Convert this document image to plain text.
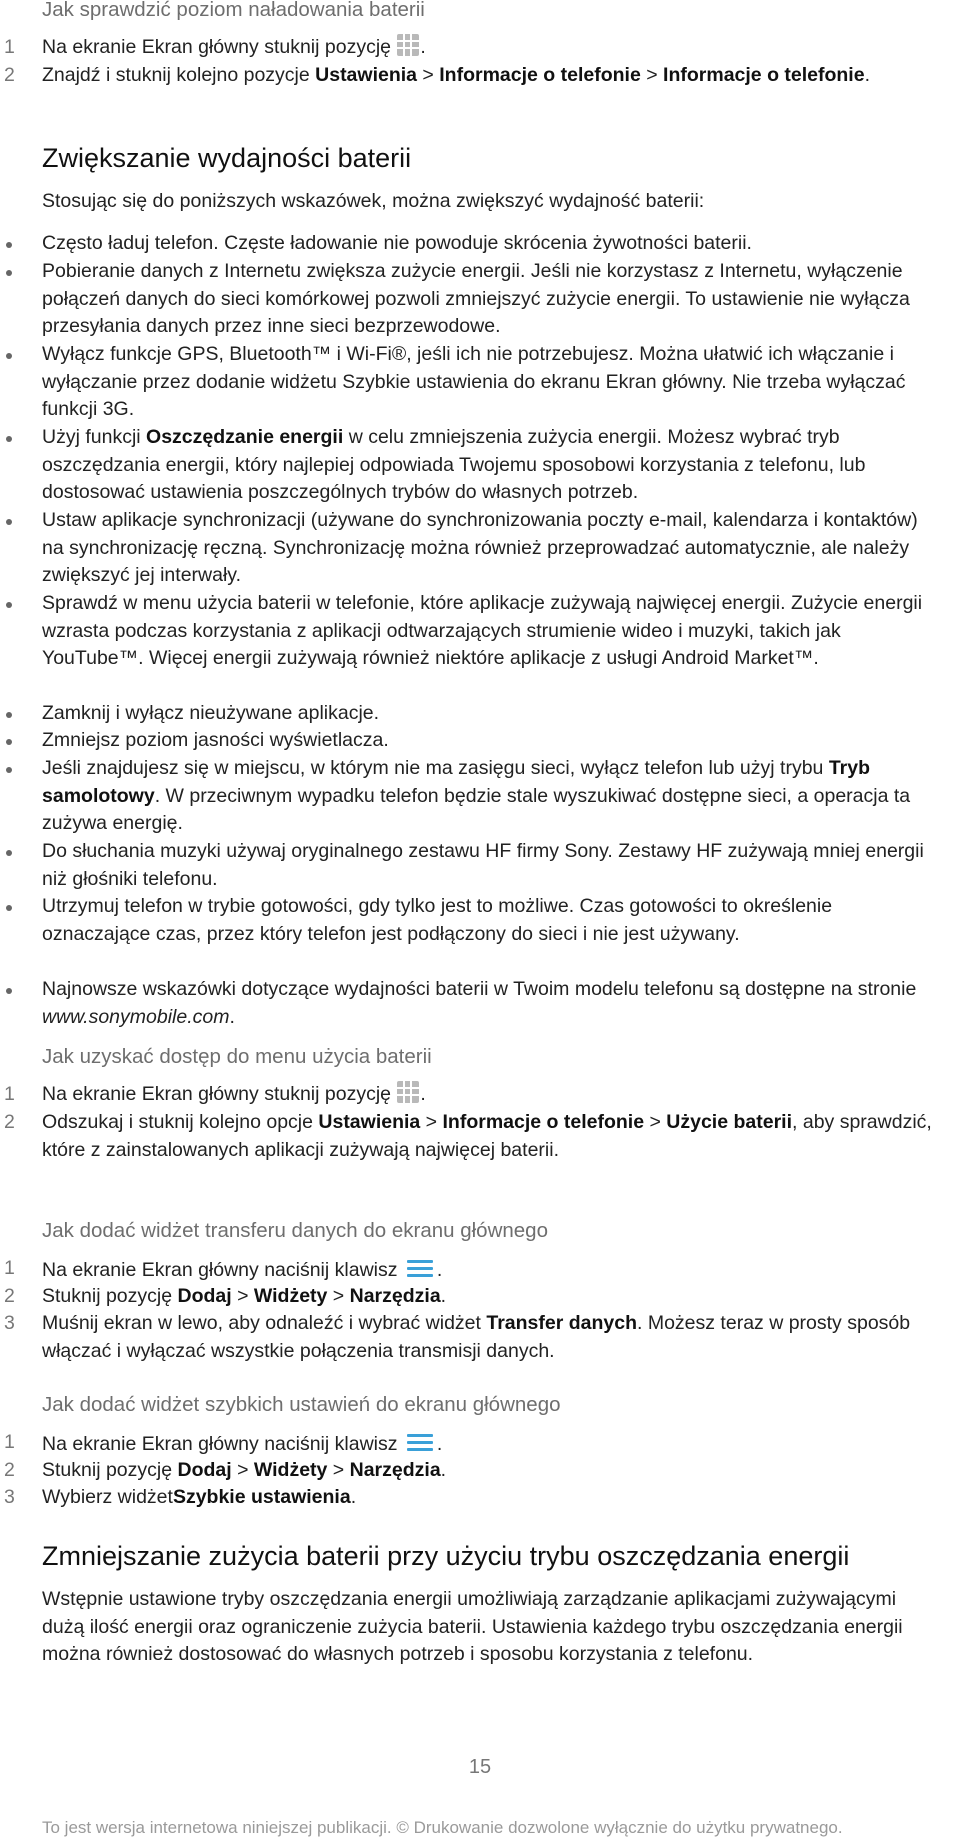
Jak sprawdzić poziom naładowania baterii
1 Na ekranie Ekran główny stuknij pozycję .
2 Znajdź i stuknij kolejno pozycje Ustawienia > Informacje o telefonie > Informacje o telefonie.
Zwiększanie wydajności baterii
Stosując się do poniższych wskazówek, można zwiększyć wydajność baterii:
Często ładuj telefon. Częste ładowanie nie powoduje skrócenia żywotności baterii.
Pobieranie danych z Internetu zwiększa zużycie energii. Jeśli nie korzystasz z Internetu, wyłączenie połączeń danych do sieci komórkowej pozwoli zmniejszyć zużycie energii. To ustawienie nie wyłącza przesyłania danych przez inne sieci bezprzewodowe.
Wyłącz funkcje GPS, Bluetooth™ i Wi-Fi®, jeśli ich nie potrzebujesz. Można ułatwić ich włączanie i wyłączanie przez dodanie widżetu Szybkie ustawienia do ekranu Ekran główny. Nie trzeba wyłączać funkcji 3G.
Użyj funkcji Oszczędzanie energii w celu zmniejszenia zużycia energii. Możesz wybrać tryb oszczędzania energii, który najlepiej odpowiada Twojemu sposobowi korzystania z telefonu, lub dostosować ustawienia poszczególnych trybów do własnych potrzeb.
Ustaw aplikacje synchronizacji (używane do synchronizowania poczty e-mail, kalendarza i kontaktów) na synchronizację ręczną. Synchronizację można również przeprowadzać automatycznie, ale należy zwiększyć jej interwały.
Sprawdź w menu użycia baterii w telefonie, które aplikacje zużywają najwięcej energii. Zużycie energii wzrasta podczas korzystania z aplikacji odtwarzających strumienie wideo i muzyki, takich jak YouTube™. Więcej energii zużywają również niektóre aplikacje z usługi Android Market™.
Zamknij i wyłącz nieużywane aplikacje.
Zmniejsz poziom jasności wyświetlacza.
Jeśli znajdujesz się w miejscu, w którym nie ma zasięgu sieci, wyłącz telefon lub użyj trybu Tryb samolotowy. W przeciwnym wypadku telefon będzie stale wyszukiwać dostępne sieci, a operacja ta zużywa energię.
Do słuchania muzyki używaj oryginalnego zestawu HF firmy Sony. Zestawy HF zużywają mniej energii niż głośniki telefonu.
Utrzymuj telefon w trybie gotowości, gdy tylko jest to możliwe. Czas gotowości to określenie oznaczające czas, przez który telefon jest podłączony do sieci i nie jest używany.
Najnowsze wskazówki dotyczące wydajności baterii w Twoim modelu telefonu są dostępne na stronie www.sonymobile.com.
Jak uzyskać dostęp do menu użycia baterii
1 Na ekranie Ekran główny stuknij pozycję .
2 Odszukaj i stuknij kolejno opcje Ustawienia > Informacje o telefonie > Użycie baterii, aby sprawdzić, które z zainstalowanych aplikacji zużywają najwięcej baterii.
Jak dodać widżet transferu danych do ekranu głównego
1 Na ekranie Ekran główny naciśnij klawisz
.
2 Stuknij pozycję Dodaj > Widżety > Narzędzia.
3 Muśnij ekran w lewo, aby odnaleźć i wybrać widżet Transfer danych. Możesz teraz w prosty sposób włączać i wyłączać wszystkie połączenia transmisji danych.
Jak dodać widżet szybkich ustawień do ekranu głównego
1 Na ekranie Ekran główny naciśnij klawisz
.
2 Stuknij pozycję Dodaj > Widżety > Narzędzia.
3 Wybierz widżetSzybkie ustawienia.
Zmniejszanie zużycia baterii przy użyciu trybu oszczędzania energii
Wstępnie ustawione tryby oszczędzania energii umożliwiają zarządzanie aplikacjami zużywającymi dużą ilość energii oraz ograniczenie zużycia baterii. Ustawienia każdego trybu oszczędzania energii można również dostosować do własnych potrzeb i sposobu korzystania z telefonu.
15
To jest wersja internetowa niniejszej publikacji. © Drukowanie dozwolone wyłącznie do użytku prywatnego.
